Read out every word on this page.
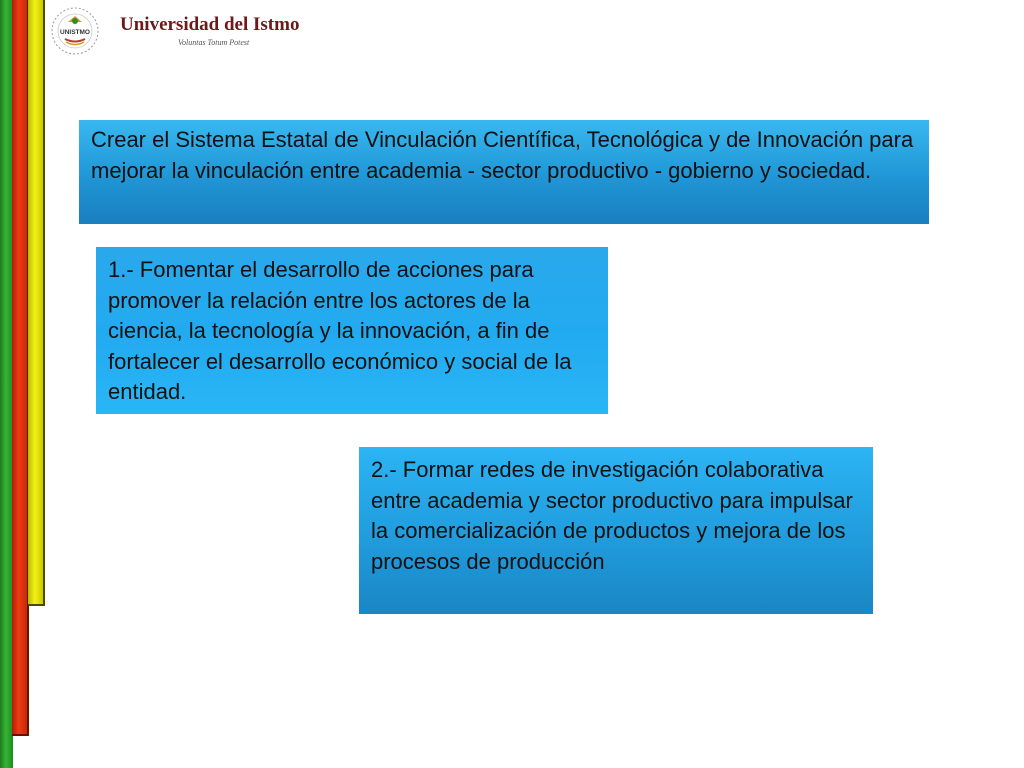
UNISTMO Universidad del Istmo
Voluntas Totum Potest
Crear el Sistema Estatal de Vinculación Científica, Tecnológica y de Innovación para mejorar la vinculación entre academia - sector productivo - gobierno y sociedad.
1.- Fomentar el desarrollo de acciones para promover la relación entre los actores de la ciencia, la tecnología y la innovación, a fin de fortalecer el desarrollo económico y social de la entidad.
2.- Formar redes de investigación colaborativa entre academia y sector productivo para impulsar la comercialización de productos y mejora de los procesos de producción
